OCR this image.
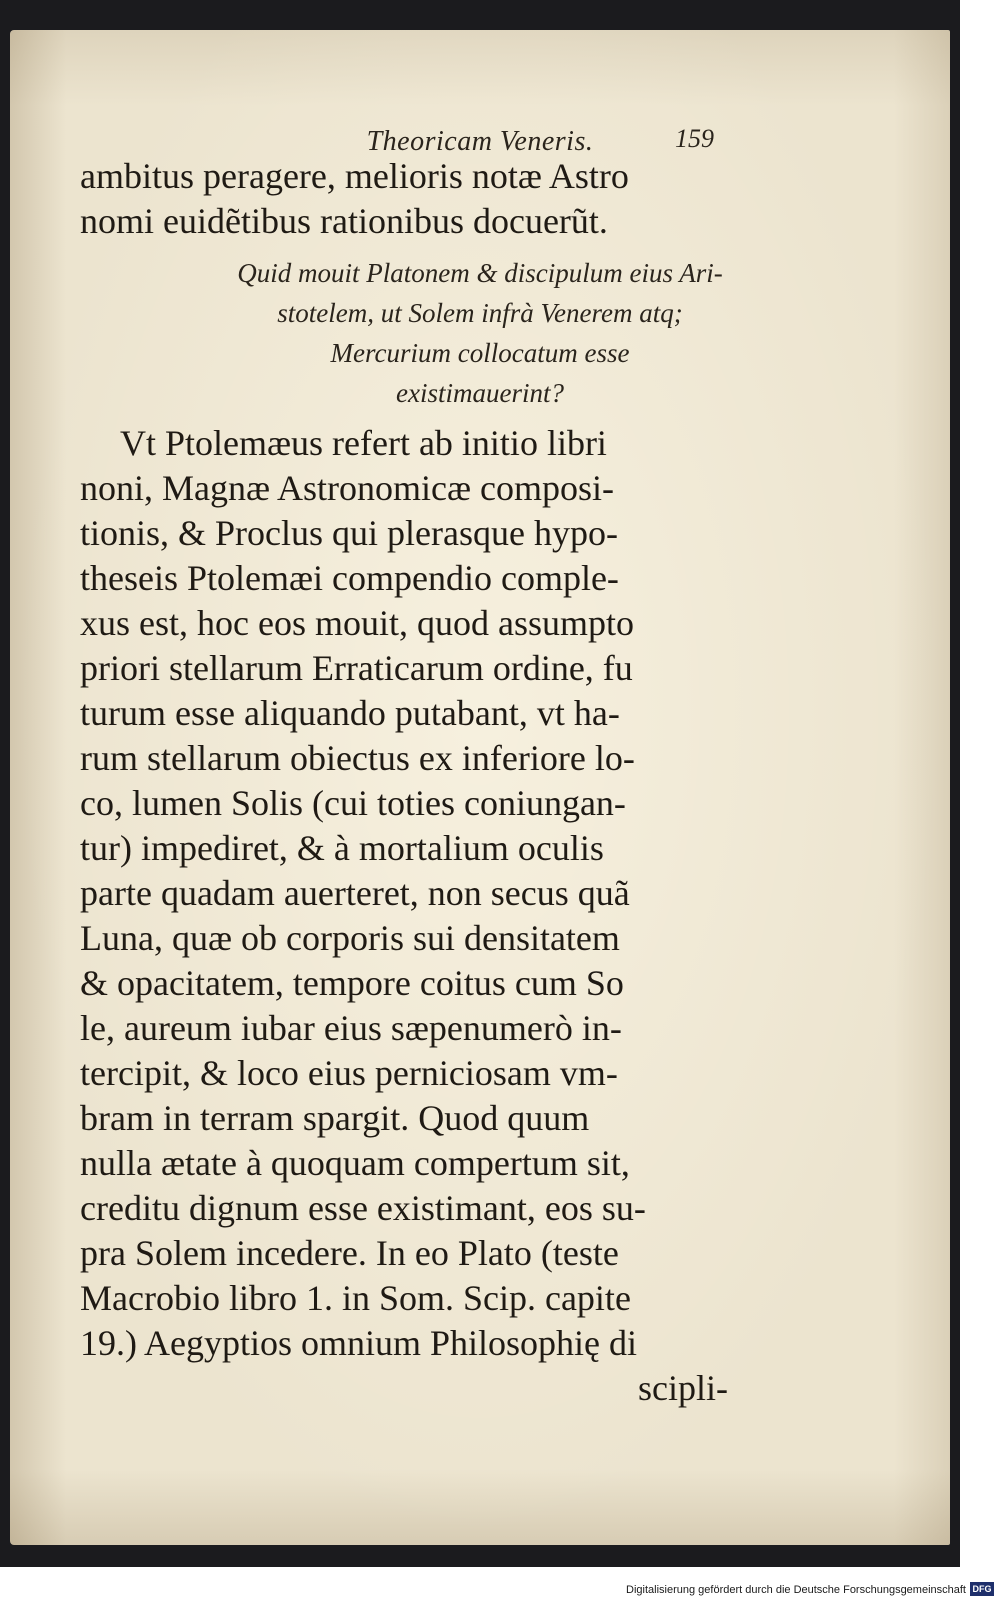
Theoricam Veneris.	159
ambitus peragere, melioris notæ Astro
nomi euidẽtibus rationibus docuerũt.
Quid mouit Platonem & discipulum eius Ari-
stotelem, ut Solem infrà Venerem atq;
Mercurium collocatum esse
existimauerint?
Vt Ptolemæus refert ab initio libri
noni, Magnæ Astronomicæ composi-
tionis, & Proclus qui plerasque hypo-
theseis Ptolemæi compendio comple-
xus est, hoc eos mouit, quod assumpto
priori stellarum Erraticarum ordine, fu
turum esse aliquando putabant, vt ha-
rum stellarum obiectus ex inferiore lo-
co, lumen Solis (cui toties coniungan-
tur) impediret, & à mortalium oculis
parte quadam auerteret, non secus quã
Luna, quæ ob corporis sui densitatem
& opacitatem, tempore coitus cum So
le, aureum iubar eius sæpenumerò in-
tercipit, & loco eius perniciosam vm-
bram in terram spargit. Quod quum
nulla ætate à quoquam compertum sit,
creditu dignum esse existimant, eos su-
pra Solem incedere. In eo Plato (teste
Macrobio libro 1. in Som. Scip. capite
19.) Aegyptios omnium Philosophię di
scipli-
Digitalisierung gefördert durch die Deutsche Forschungsgemeinschaft DFG
